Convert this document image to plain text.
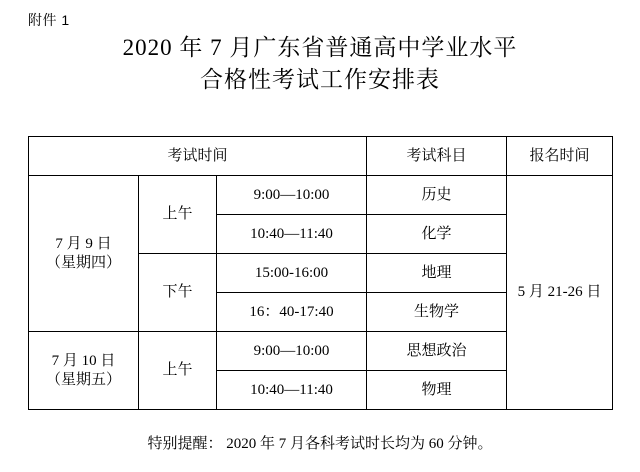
附件 1
2020 年 7 月广东省普通高中学业水平
合格性考试工作安排表
考试时间			考试科目	报名时间

7 月 9 日
（星期四）	上午	9:00—10:00	历史	5 月 21-26 日
		10:40—11:40	化学	
	下午	15:00-16:00	地理	
		16：40-17:40	生物学	

7 月 10 日
（星期五）	上午	9:00—10:00	思想政治	
		10:40—11:40	物理	
特别提醒： 2020 年 7 月各科考试时长均为 60 分钟。
